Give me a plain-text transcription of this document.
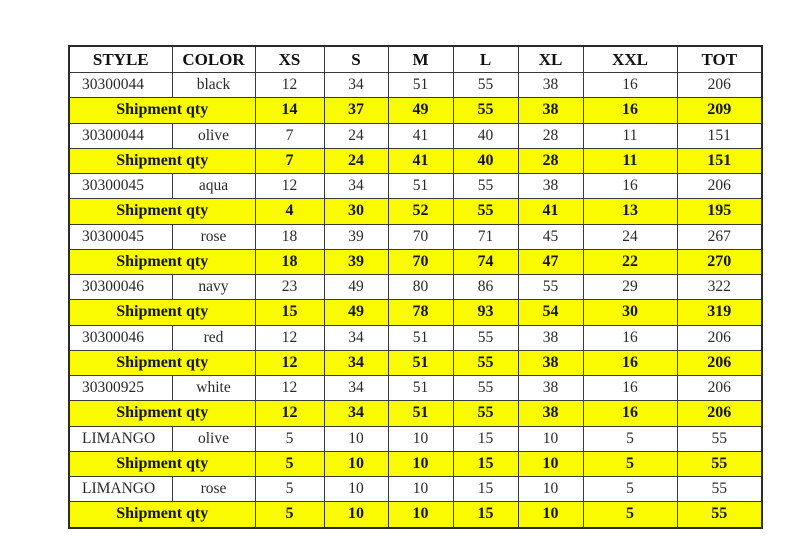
STYLE	COLOR	XS	S	M	L	XL	XXL	TOT
30300044	black	12	34	51	55	38	16	206
Shipment qty		14	37	49	55	38	16	209
30300044	olive	7	24	41	40	28	11	151
Shipment qty		7	24	41	40	28	11	151
30300045	aqua	12	34	51	55	38	16	206
Shipment qty		4	30	52	55	41	13	195
30300045	rose	18	39	70	71	45	24	267
Shipment qty		18	39	70	74	47	22	270
30300046	navy	23	49	80	86	55	29	322
Shipment qty		15	49	78	93	54	30	319
30300046	red	12	34	51	55	38	16	206
Shipment qty		12	34	51	55	38	16	206
30300925	white	12	34	51	55	38	16	206
Shipment qty		12	34	51	55	38	16	206
LIMANGO	olive	5	10	10	15	10	5	55
Shipment qty		5	10	10	15	10	5	55
LIMANGO	rose	5	10	10	15	10	5	55
Shipment qty		5	10	10	15	10	5	55
